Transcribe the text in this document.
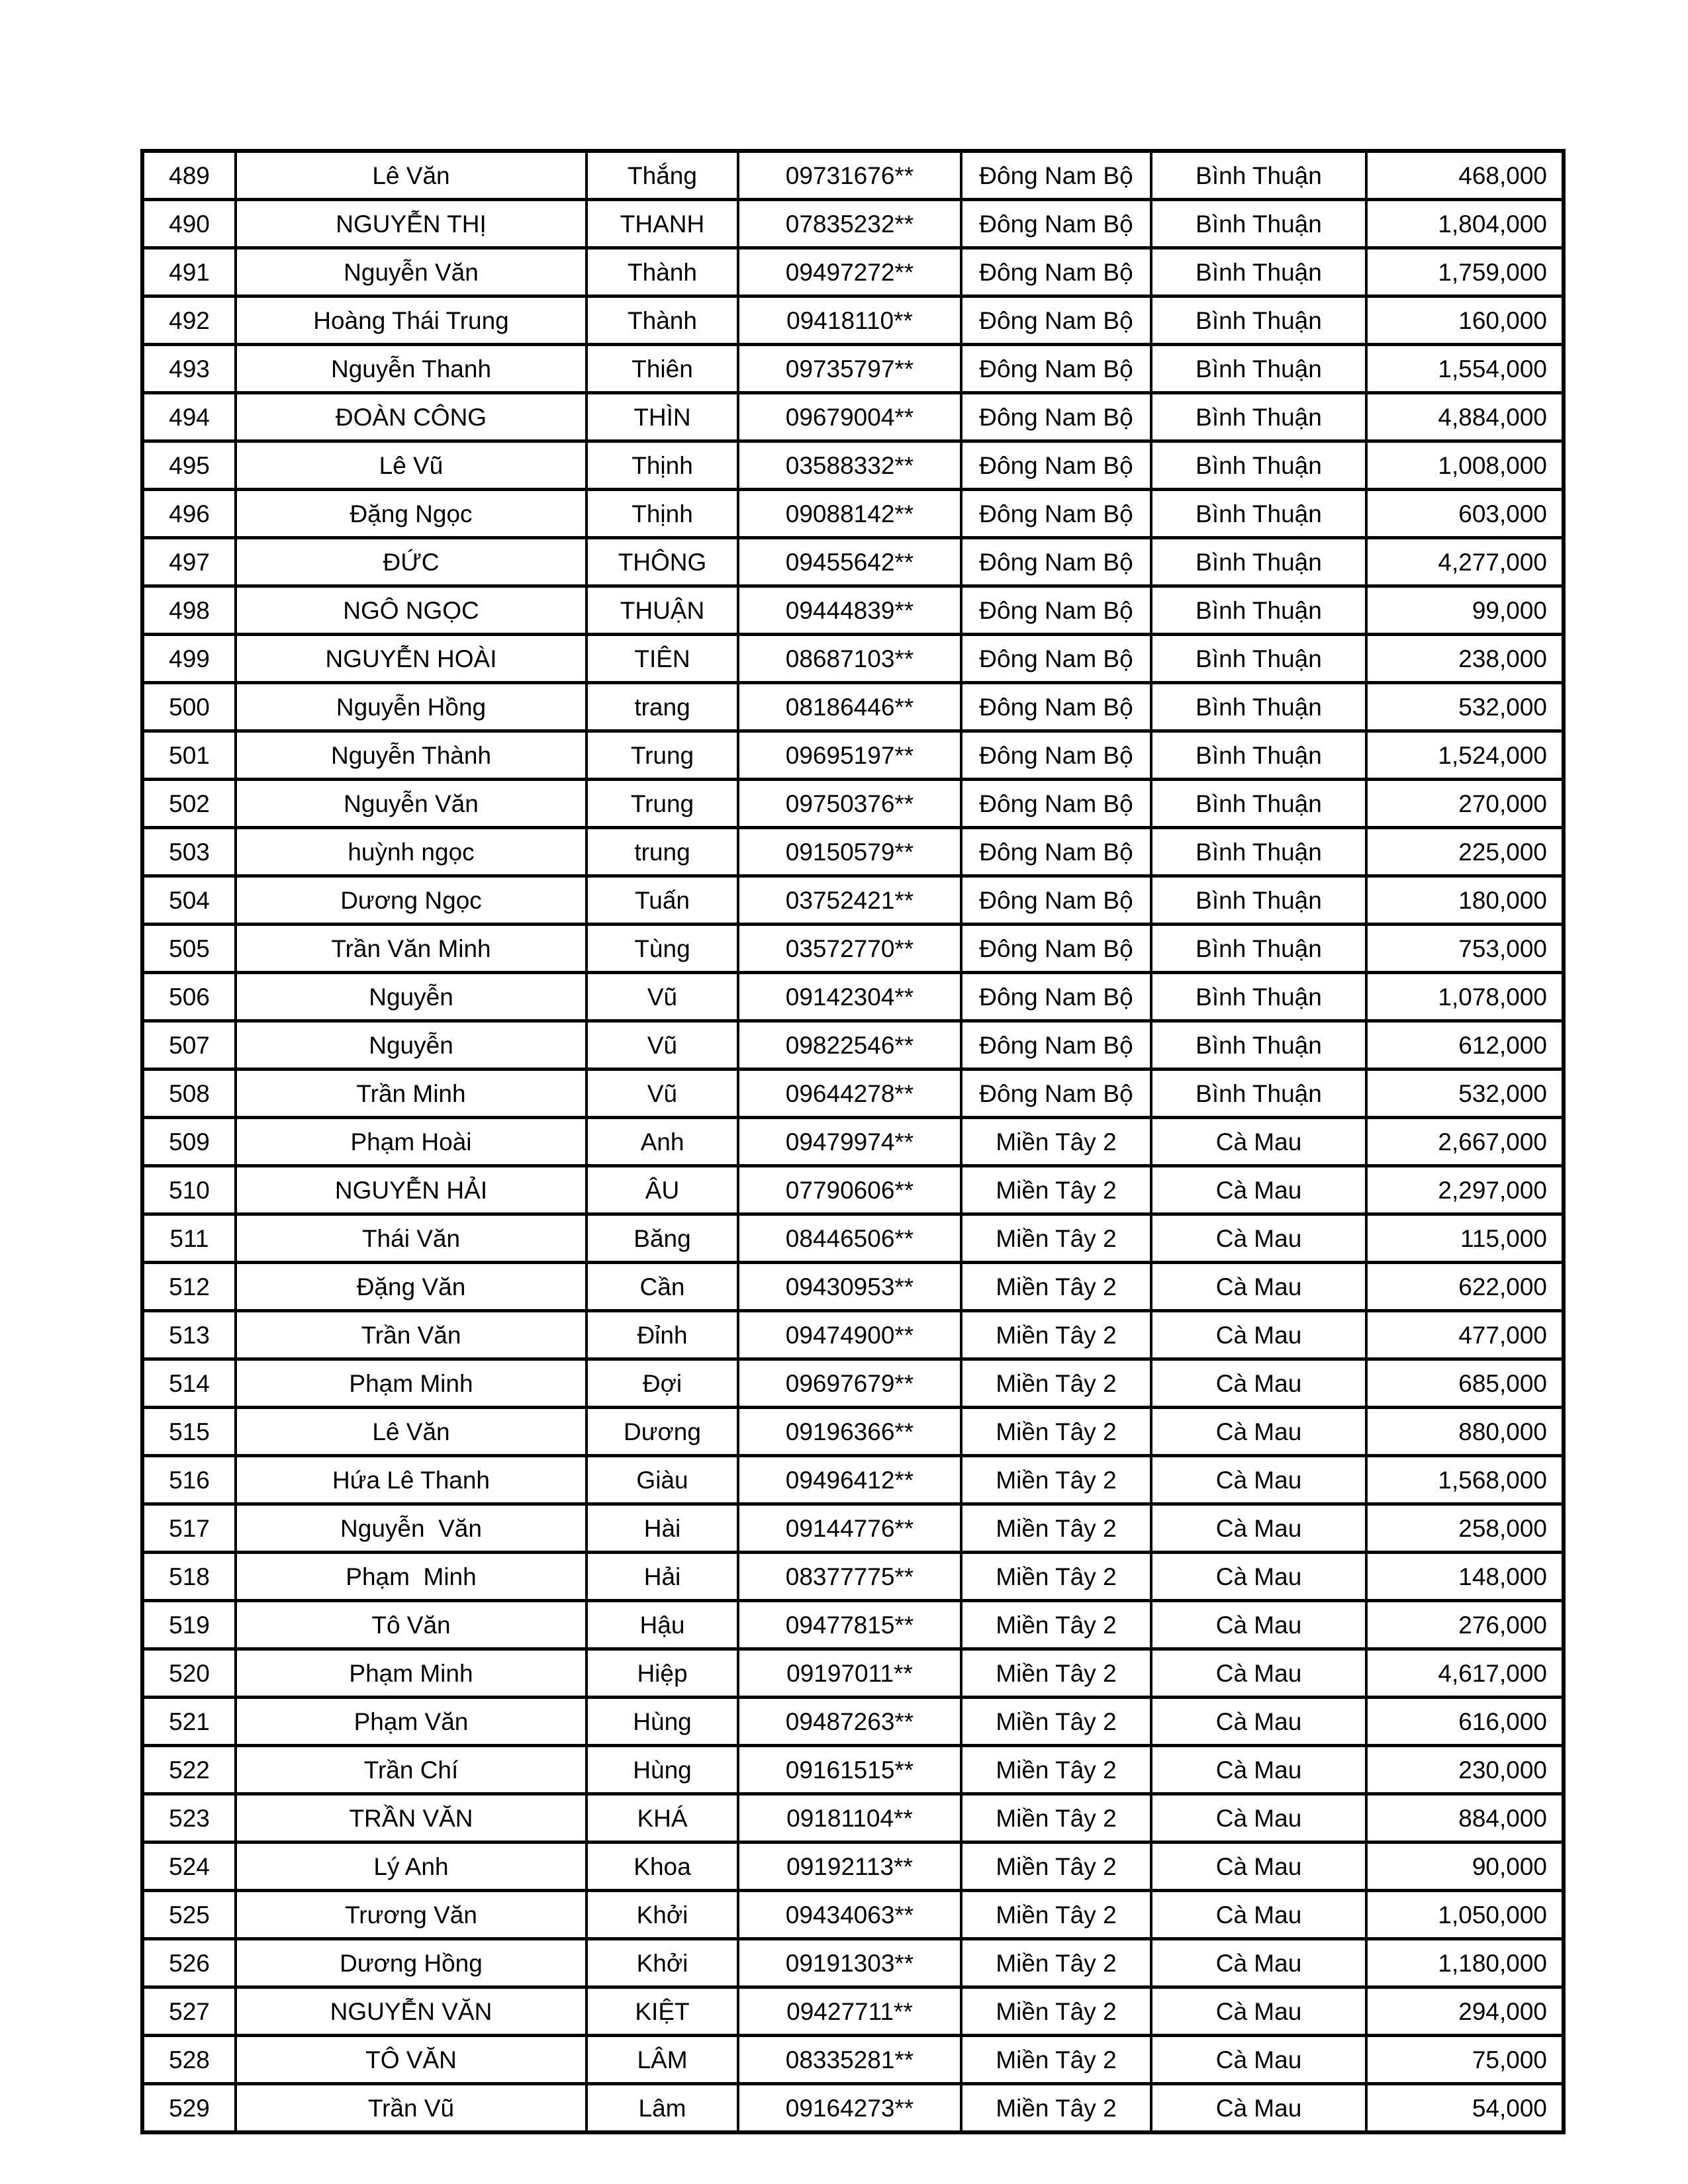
489	Lê Văn	Thắng	09731676**	Đông Nam Bộ	Bình Thuận	468,000
490	NGUYỄN THỊ	THANH	07835232**	Đông Nam Bộ	Bình Thuận	1,804,000
491	Nguyễn Văn	Thành	09497272**	Đông Nam Bộ	Bình Thuận	1,759,000
492	Hoàng Thái Trung	Thành	09418110**	Đông Nam Bộ	Bình Thuận	160,000
493	Nguyễn Thanh	Thiên	09735797**	Đông Nam Bộ	Bình Thuận	1,554,000
494	ĐOÀN CÔNG	THÌN	09679004**	Đông Nam Bộ	Bình Thuận	4,884,000
495	Lê Vũ	Thịnh	03588332**	Đông Nam Bộ	Bình Thuận	1,008,000
496	Đặng Ngọc	Thịnh	09088142**	Đông Nam Bộ	Bình Thuận	603,000
497	ĐỨC	THÔNG	09455642**	Đông Nam Bộ	Bình Thuận	4,277,000
498	NGÔ NGỌC	THUẬN	09444839**	Đông Nam Bộ	Bình Thuận	99,000
499	NGUYỄN HOÀI	TIÊN	08687103**	Đông Nam Bộ	Bình Thuận	238,000
500	Nguyễn Hồng	trang	08186446**	Đông Nam Bộ	Bình Thuận	532,000
501	Nguyễn Thành	Trung	09695197**	Đông Nam Bộ	Bình Thuận	1,524,000
502	Nguyễn Văn	Trung	09750376**	Đông Nam Bộ	Bình Thuận	270,000
503	huỳnh ngọc	trung	09150579**	Đông Nam Bộ	Bình Thuận	225,000
504	Dương Ngọc	Tuấn	03752421**	Đông Nam Bộ	Bình Thuận	180,000
505	Trần Văn Minh	Tùng	03572770**	Đông Nam Bộ	Bình Thuận	753,000
506	Nguyễn	Vũ	09142304**	Đông Nam Bộ	Bình Thuận	1,078,000
507	Nguyễn	Vũ	09822546**	Đông Nam Bộ	Bình Thuận	612,000
508	Trần Minh	Vũ	09644278**	Đông Nam Bộ	Bình Thuận	532,000
509	Phạm Hoài	Anh	09479974**	Miền Tây 2	Cà Mau	2,667,000
510	NGUYỄN HẢI	ÂU	07790606**	Miền Tây 2	Cà Mau	2,297,000
511	Thái Văn	Băng	08446506**	Miền Tây 2	Cà Mau	115,000
512	Đặng Văn	Cần	09430953**	Miền Tây 2	Cà Mau	622,000
513	Trần Văn	Đỉnh	09474900**	Miền Tây 2	Cà Mau	477,000
514	Phạm Minh	Đợi	09697679**	Miền Tây 2	Cà Mau	685,000
515	Lê Văn	Dương	09196366**	Miền Tây 2	Cà Mau	880,000
516	Hứa Lê Thanh	Giàu	09496412**	Miền Tây 2	Cà Mau	1,568,000
517	Nguyễn  Văn	Hài	09144776**	Miền Tây 2	Cà Mau	258,000
518	Phạm  Minh	Hải	08377775**	Miền Tây 2	Cà Mau	148,000
519	Tô Văn	Hậu	09477815**	Miền Tây 2	Cà Mau	276,000
520	Phạm Minh	Hiệp	09197011**	Miền Tây 2	Cà Mau	4,617,000
521	Phạm Văn	Hùng	09487263**	Miền Tây 2	Cà Mau	616,000
522	Trần Chí	Hùng	09161515**	Miền Tây 2	Cà Mau	230,000
523	TRẦN VĂN	KHÁ	09181104**	Miền Tây 2	Cà Mau	884,000
524	Lý Anh	Khoa	09192113**	Miền Tây 2	Cà Mau	90,000
525	Trương Văn	Khởi	09434063**	Miền Tây 2	Cà Mau	1,050,000
526	Dương Hồng	Khởi	09191303**	Miền Tây 2	Cà Mau	1,180,000
527	NGUYỄN VĂN	KIỆT	09427711**	Miền Tây 2	Cà Mau	294,000
528	TÔ VĂN	LÂM	08335281**	Miền Tây 2	Cà Mau	75,000
529	Trần Vũ	Lâm	09164273**	Miền Tây 2	Cà Mau	54,000
